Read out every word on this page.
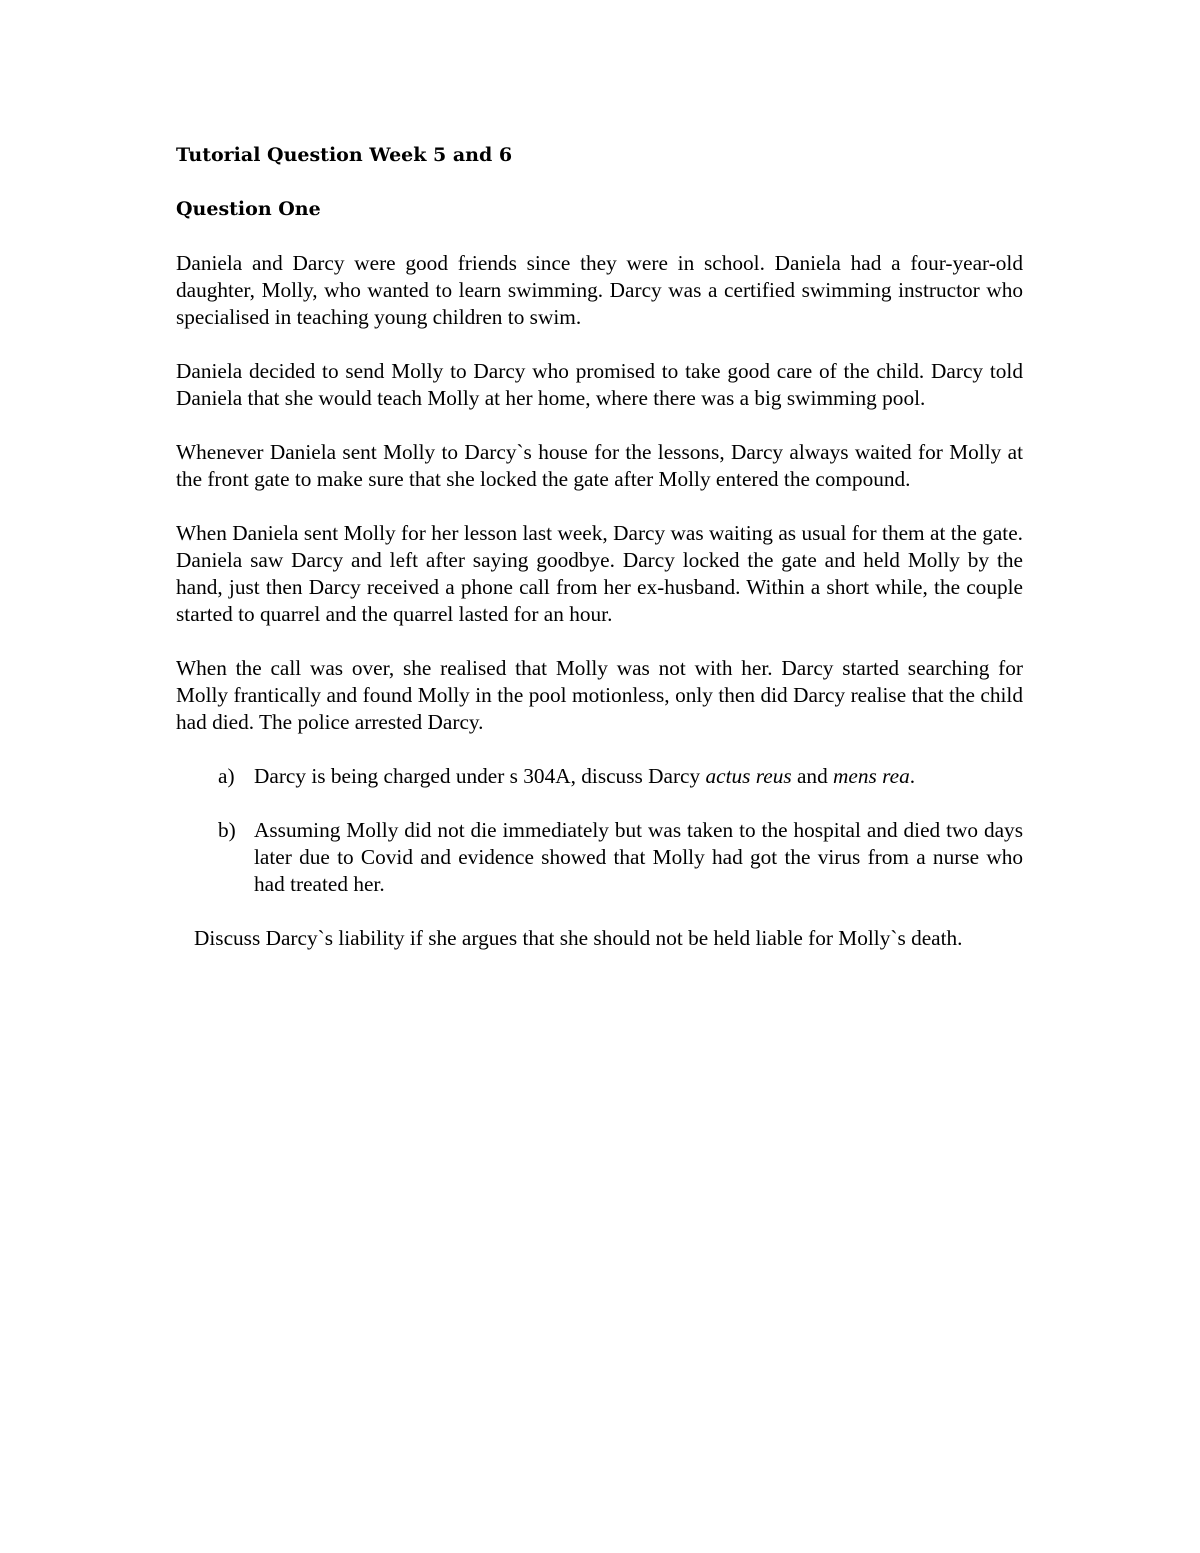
Tutorial Question Week 5 and 6

Question One

Daniela and Darcy were good friends since they were in school. Daniela had a four-year-old daughter, Molly, who wanted to learn swimming. Darcy was a certified swimming instructor who specialised in teaching young children to swim.

Daniela decided to send Molly to Darcy who promised to take good care of the child. Darcy told Daniela that she would teach Molly at her home, where there was a big swimming pool.

Whenever Daniela sent Molly to Darcy`s house for the lessons, Darcy always waited for Molly at the front gate to make sure that she locked the gate after Molly entered the compound.

When Daniela sent Molly for her lesson last week, Darcy was waiting as usual for them at the gate. Daniela saw Darcy and left after saying goodbye. Darcy locked the gate and held Molly by the hand, just then Darcy received a phone call from her ex-husband. Within a short while, the couple started to quarrel and the quarrel lasted for an hour.

When the call was over, she realised that Molly was not with her. Darcy started searching for Molly frantically and found Molly in the pool motionless, only then did Darcy realise that the child had died. The police arrested Darcy.

a) Darcy is being charged under s 304A, discuss Darcy actus reus and mens rea.
b) Assuming Molly did not die immediately but was taken to the hospital and died two days later due to Covid and evidence showed that Molly had got the virus from a nurse who had treated her.

Discuss Darcy`s liability if she argues that she should not be held liable for Molly`s death.
